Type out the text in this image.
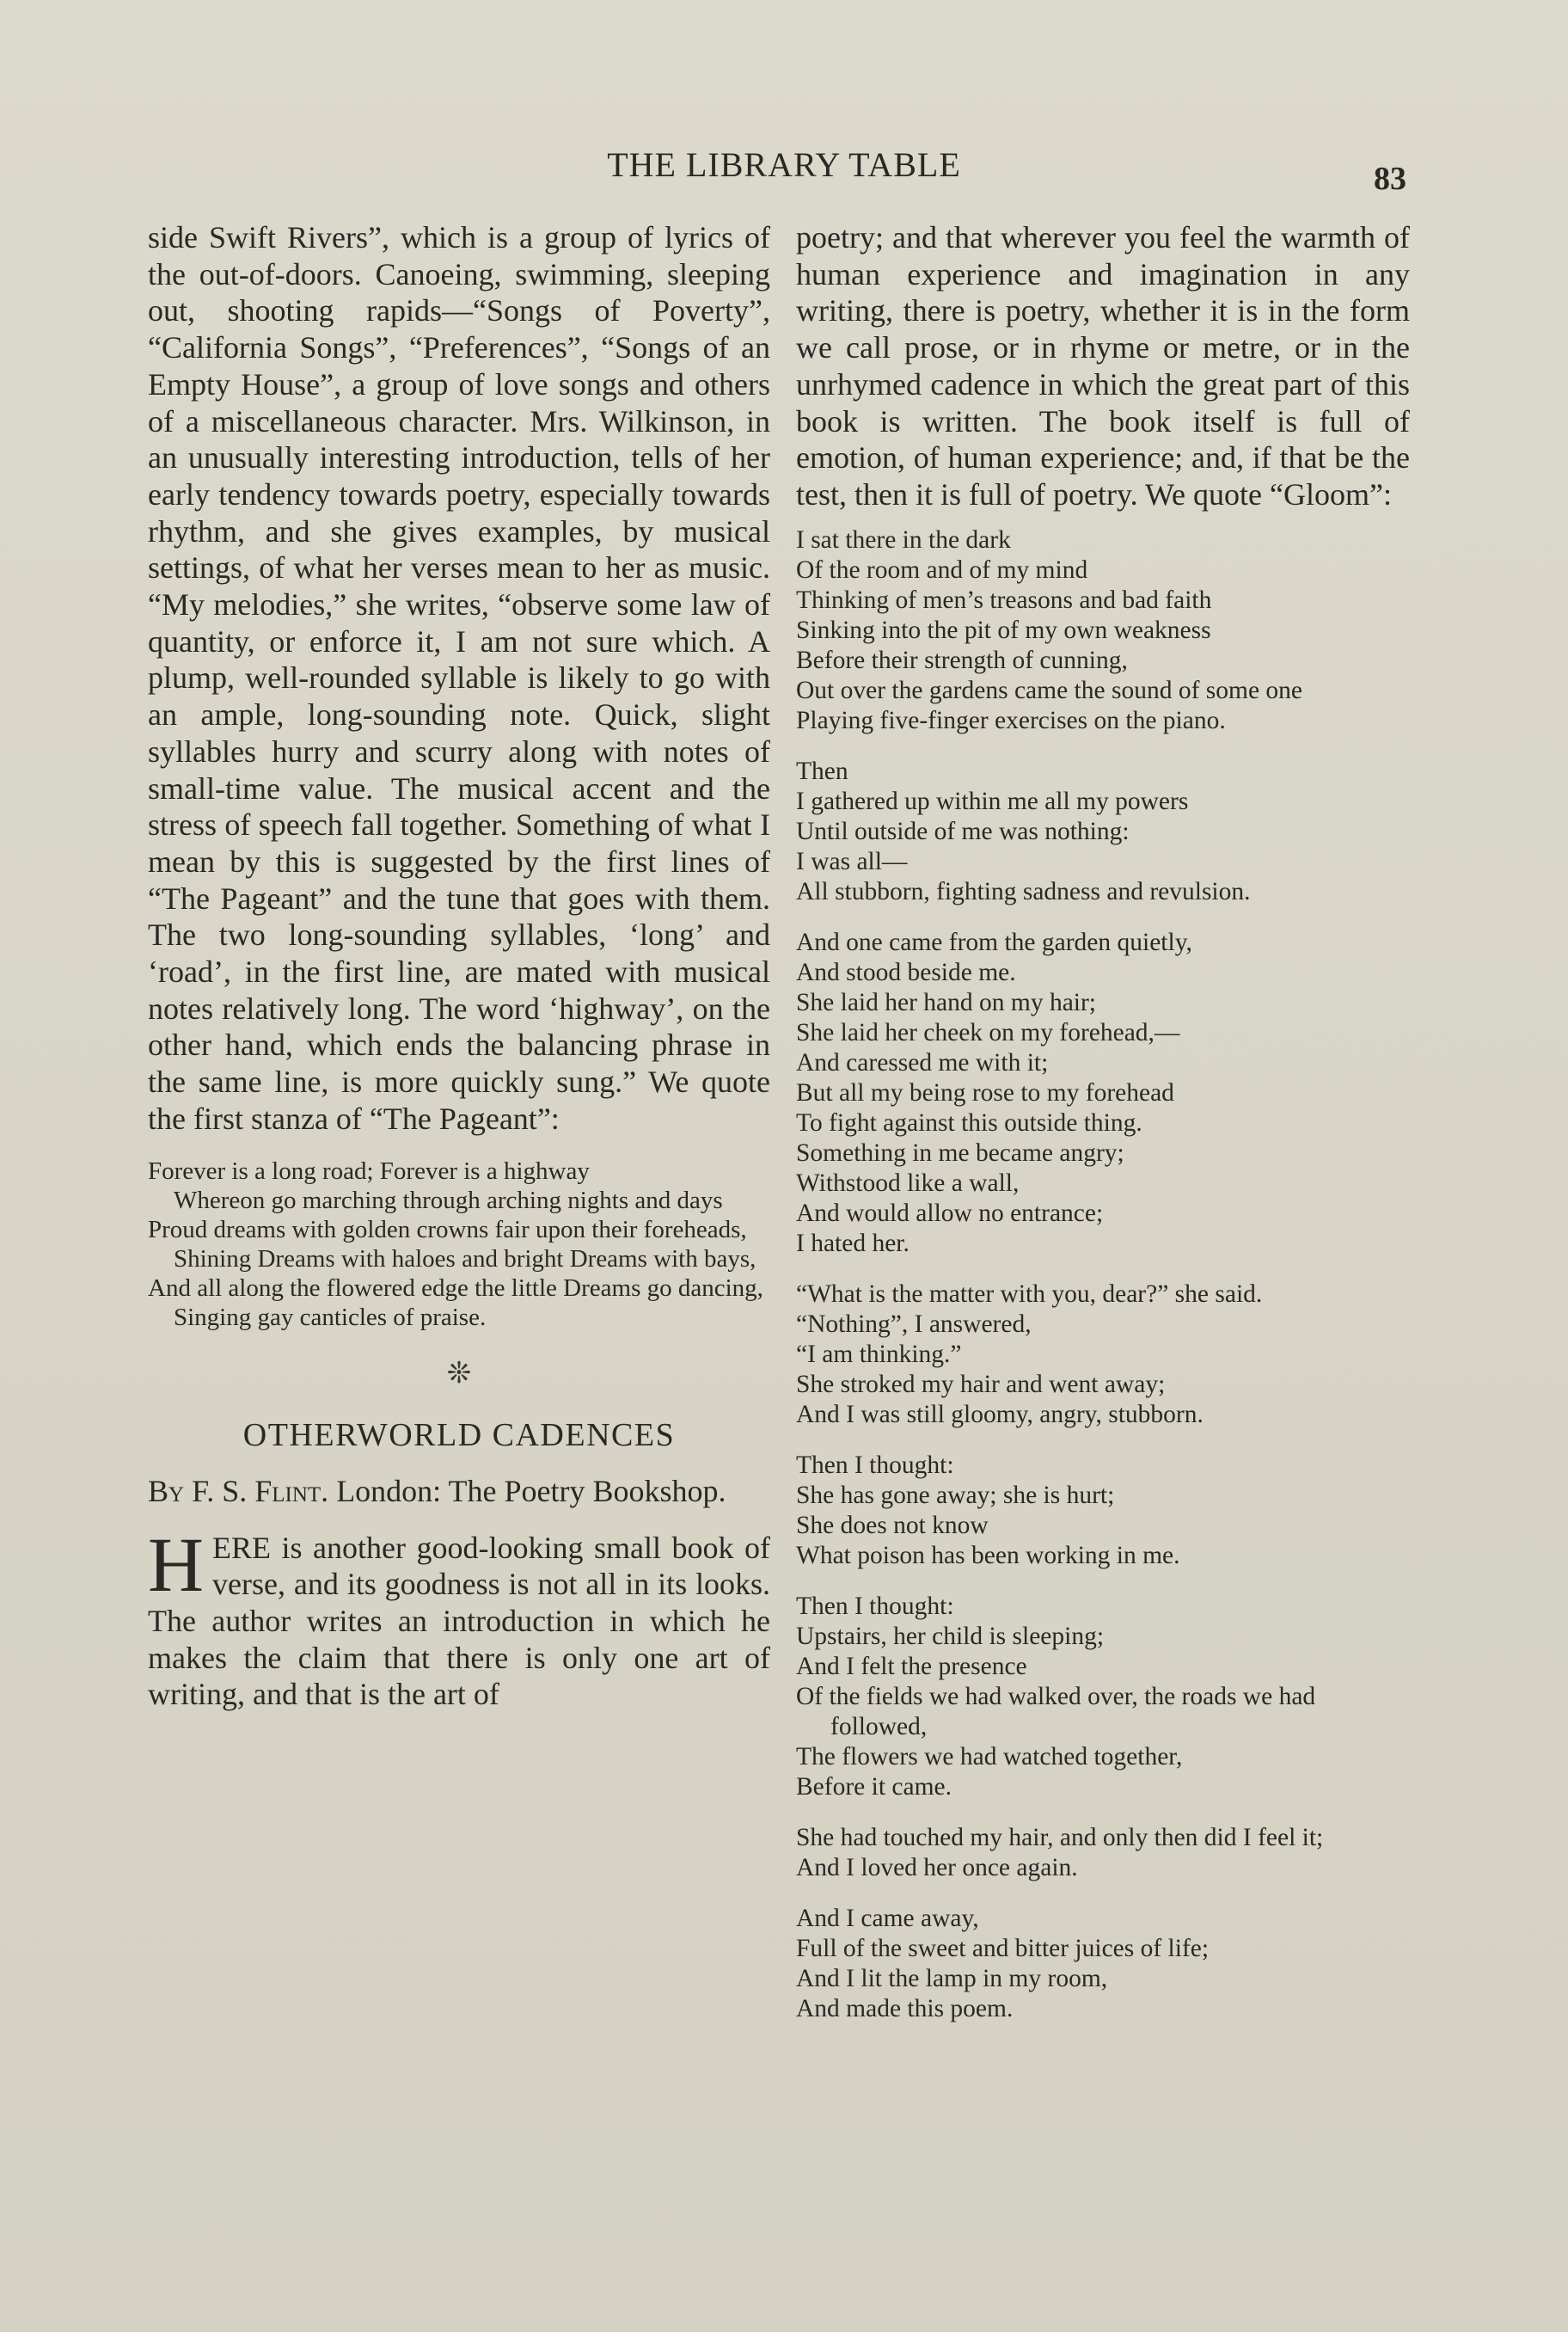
THE LIBRARY TABLE	83

side Swift Rivers”, which is a group of lyrics of the out-of-doors. Canoeing, swimming, sleeping out, shooting rapids—“Songs of Poverty”, “California Songs”, “Preferences”, “Songs of an Empty House”, a group of love songs and others of a miscellaneous character. Mrs. Wilkinson, in an unusually interesting introduction, tells of her early tendency towards poetry, especially towards rhythm, and she gives examples, by musical settings, of what her verses mean to her as music. “My melodies,” she writes, “observe some law of quantity, or enforce it, I am not sure which. A plump, well-rounded syllable is likely to go with an ample, long-sounding note. Quick, slight syllables hurry and scurry along with notes of small-time value. The musical accent and the stress of speech fall together. Something of what I mean by this is suggested by the first lines of “The Pageant” and the tune that goes with them. The two long-sounding syllables, ‘long’ and ‘road’, in the first line, are mated with musical notes relatively long. The word ‘highway’, on the other hand, which ends the balancing phrase in the same line, is more quickly sung.” We quote the first stanza of “The Pageant”:

Forever is a long road; Forever is a highway
Whereon go marching through arching nights and days
Proud dreams with golden crowns fair upon their foreheads,
Shining Dreams with haloes and bright Dreams with bays,
And all along the flowered edge the little Dreams go dancing,
Singing gay canticles of praise.
❊
OTHERWORLD CADENCES

By F. S. Flint. London: The Poetry Bookshop.

HERE is another good-looking small book of verse, and its goodness is not all in its looks. The author writes an introduction in which he makes the claim that there is only one art of writing, and that is the art of

poetry; and that wherever you feel the warmth of human experience and imagination in any writing, there is poetry, whether it is in the form we call prose, or in rhyme or metre, or in the unrhymed cadence in which the great part of this book is written. The book itself is full of emotion, of human experience; and, if that be the test, then it is full of poetry. We quote “Gloom”:

I sat there in the dark
Of the room and of my mind
Thinking of men’s treasons and bad faith
Sinking into the pit of my own weakness
Before their strength of cunning,
Out over the gardens came the sound of some one
Playing five-finger exercises on the piano.
Then
I gathered up within me all my powers
Until outside of me was nothing:
I was all—
All stubborn, fighting sadness and revulsion.
And one came from the garden quietly,
And stood beside me.
She laid her hand on my hair;
She laid her cheek on my forehead,—
And caressed me with it;
But all my being rose to my forehead
To fight against this outside thing.
Something in me became angry;
Withstood like a wall,
And would allow no entrance;
I hated her.
“What is the matter with you, dear?” she said.
“Nothing”, I answered,
“I am thinking.”
She stroked my hair and went away;
And I was still gloomy, angry, stubborn.
Then I thought:
She has gone away; she is hurt;
She does not know
What poison has been working in me.
Then I thought:
Upstairs, her child is sleeping;
And I felt the presence
Of the fields we had walked over, the roads we had followed,
The flowers we had watched together,
Before it came.
She had touched my hair, and only then did I feel it;
And I loved her once again.
And I came away,
Full of the sweet and bitter juices of life;
And I lit the lamp in my room,
And made this poem.
